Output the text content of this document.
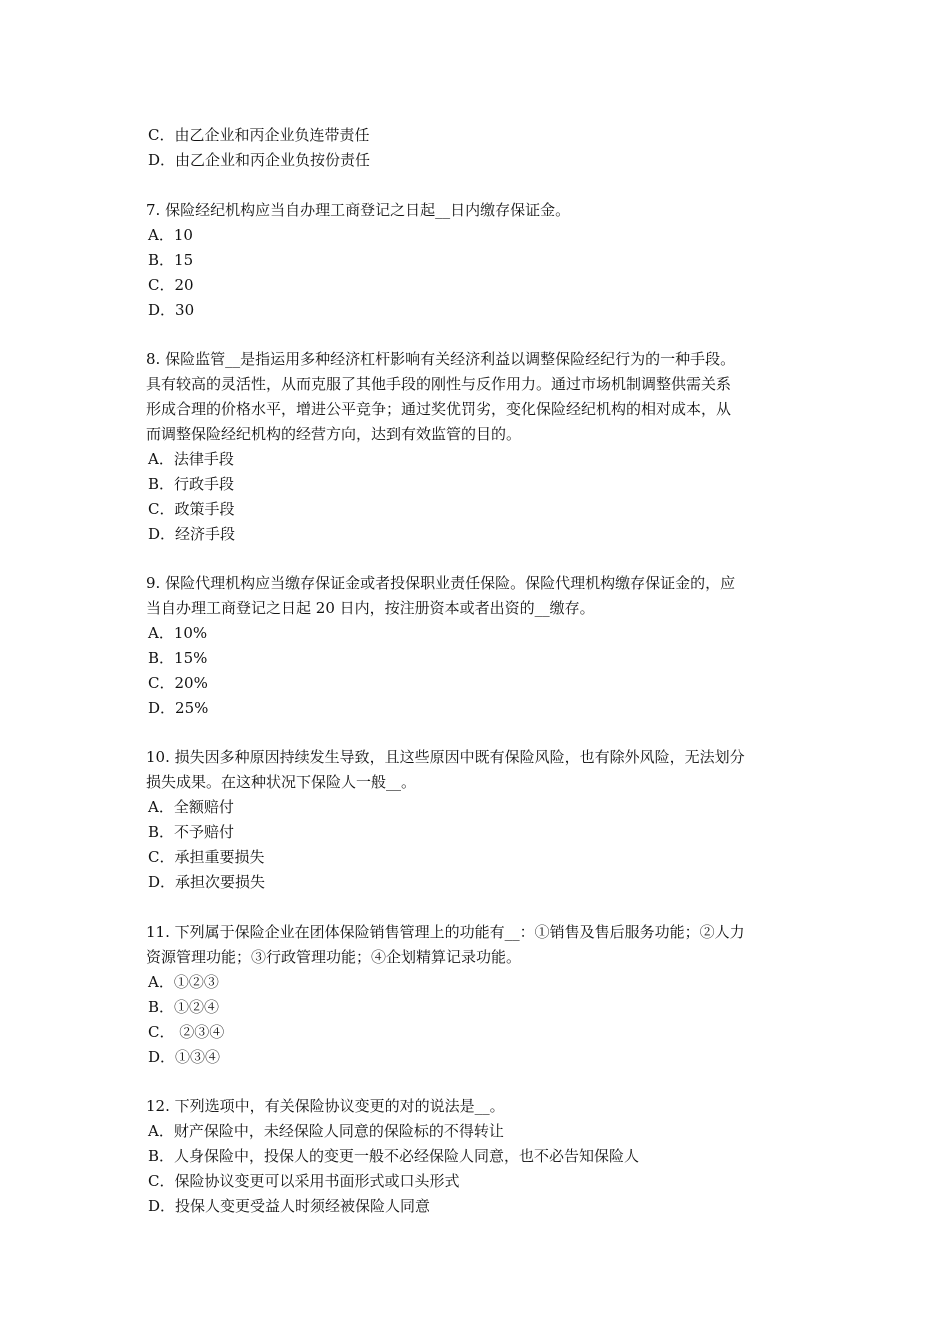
C．由乙企业和丙企业负连带责任
D．由乙企业和丙企业负按份责任
7. 保险经纪机构应当自办理工商登记之日起__日内缴存保证金。
A．10
B．15
C．20
D．30
8. 保险监管__是指运用多种经济杠杆影响有关经济利益以调整保险经纪行为的一种手段。
具有较高的灵活性，从而克服了其他手段的刚性与反作用力。通过市场机制调整供需关系
形成合理的价格水平，增进公平竞争；通过奖优罚劣，变化保险经纪机构的相对成本，从
而调整保险经纪机构的经营方向，达到有效监管的目的。
A．法律手段
B．行政手段
C．政策手段
D．经济手段
9. 保险代理机构应当缴存保证金或者投保职业责任保险。保险代理机构缴存保证金的，应
当自办理工商登记之日起 20 日内，按注册资本或者出资的__缴存。
A．10%
B．15%
C．20%
D．25%
10. 损失因多种原因持续发生导致，且这些原因中既有保险风险，也有除外风险，无法划分
损失成果。在这种状况下保险人一般__。
A．全额赔付
B．不予赔付
C．承担重要损失
D．承担次要损失
11. 下列属于保险企业在团体保险销售管理上的功能有__：①销售及售后服务功能；②人力
资源管理功能；③行政管理功能；④企划精算记录功能。
A．①②③
B．①②④
C． ②③④
D．①③④
12. 下列选项中，有关保险协议变更的对的说法是__。
A．财产保险中，未经保险人同意的保险标的不得转让
B．人身保险中，投保人的变更一般不必经保险人同意，也不必告知保险人
C．保险协议变更可以采用书面形式或口头形式
D．投保人变更受益人时须经被保险人同意
